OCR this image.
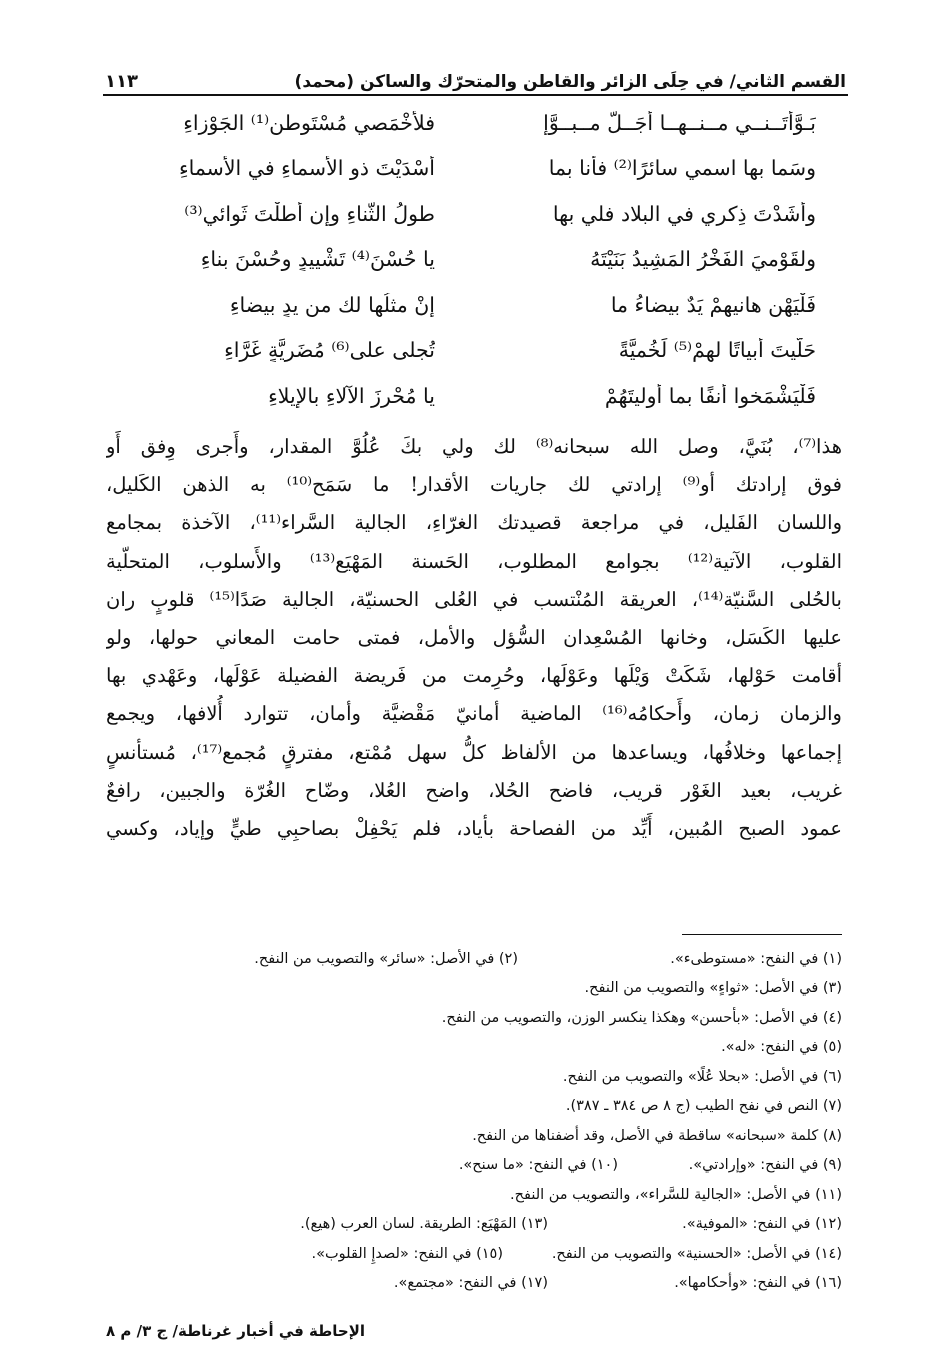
١١٣	القسم الثاني/ في حِلَى الزائر والقاطن والمتحرّك والساكن (محمد)
بَـوَّأتَــنــي مــنــهــا أَجَــلَّ مــبــوَّإٍ
فلأَخْمَصي مُسْتَوطن⁽¹⁾ الجَوْزاءِ
وسَما بها اسمي سائرًا⁽²⁾ فأَنا بما
أَسْدَيْتَ ذو الأَسماءِ في الأَسماءِ
وأَشَدْتَ ذِكري في البلاد فلي بها
طولُ الثَّناءِ وإِن أَطلْتَ ثَوائي⁽³⁾
ولقَوْميَ الفَخْرُ المَشِيدُ بَنَيْتَهُ
يا حُسْنَ⁽⁴⁾ تَشْييدٍ وحُسْنَ بناءِ
فَلْيَهْنِ هانيهِمْ يَدٌ بيضاءُ ما
إنْ مثلُها لك من يدٍ بيضاءِ
حَلَّيتَ أَبياتًا لهمْ⁽⁵⁾ لَخُميَّةً
تُجلى على⁽⁶⁾ مُضَريَّةٍ غَرَّاءِ
فَلْيَشْمَخوا أنفًا بما أوليتَهُمْ
يا مُحْرِزَ الآلاءِ بالإيلاءِ
هذا⁽⁷⁾، بُنَيَّ، وصل الله سبحانه⁽⁸⁾ لك ولي بكَ عُلُوَّ المقدار، وأَجرى وِفق أَو
فوق إرادتك أو⁽⁹⁾ إرادتي لك جاريات الأقدار! ما سَمَح⁽¹⁰⁾ به الذهن الكَليل،
واللسان الفَليل، في مراجعة قصيدتك الغرّاءِ، الجالية السَّراء⁽¹¹⁾، الآخذة بمجامع
القلوب، الآتية⁽¹²⁾ بجوامع المطلوب، الحَسنة المَهْيَع⁽¹³⁾ والأَسلوب، المتحلّية
بالحُلى السَّنيّة⁽¹⁴⁾، العريقة المُنْتسب في العُلى الحسنيّة، الجالية صَدًا⁽¹⁵⁾ قلوبٍ ران
عليها الكَسَل، وخانها المُسْعِدان السُّؤل والأمل، فمتى حامت المعاني حولها، ولو
أقامت حَوْلها، شَكَتْ وَيْلَها وعَوْلَها، وحُرِمت من فَريضة الفضيلة عَوْلَها، وعَهْدي بها
والزمان زمان، وأَحكامُه⁽¹⁶⁾ الماضية أمانيّ مَقْضيَّة وأمان، تتوارد أُلافها، ويجمع
إجماعها وخلافُها، ويساعدها من الألفاظ كلُّ سهل مُمْتع، مفترقٍ مُجمع⁽¹⁷⁾، مُستأنسٍ
غريب، بعيد الغَوْر قريب، فاضح الحُلا، واضح العُلا، وضّاح الغُرّة والجبين، رافعٌ
عمود الصبح المُبين، أَيِّد من الفصاحة بأياد، فلم يَحْفِلْ بصاحبِي طيٍّ وإياد، وكسي
(١) في النفح: «مستوطىء».
(٢) في الأصل: «سائر» والتصويب من النفح.
(٣) في الأصل: «ثواءٍ» والتصويب من النفح.
(٤) في الأصل: «بأحسن» وهكذا ينكسر الوزن، والتصويب من النفح.
(٥) في النفح: «له».
(٦) في الأصل: «بحلا عُلًا» والتصويب من النفح.
(٧) النص في نفح الطيب (ج ٨ ص ٣٨٤ ـ ٣٨٧).
(٨) كلمة «سبحانه» ساقطة في الأصل، وقد أضفناها من النفح.
(٩) في النفح: «وإرادتي».
(١٠) في النفح: «ما سنح».
(١١) في الأصل: «الجالية للسَّراء»، والتصويب من النفح.
(١٢) في النفح: «الموفية».
(١٣) المَهْيَع: الطريقة. لسان العرب (هيع).
(١٤) في الأصل: «الحسنية» والتصويب من النفح.
(١٥) في النفح: «لصدإِ القلوب».
(١٦) في النفح: «وأحكامها».
(١٧) في النفح: «مجتمع».
الإحاطة في أخبار غرناطة/ ج ٣/ م ٨
